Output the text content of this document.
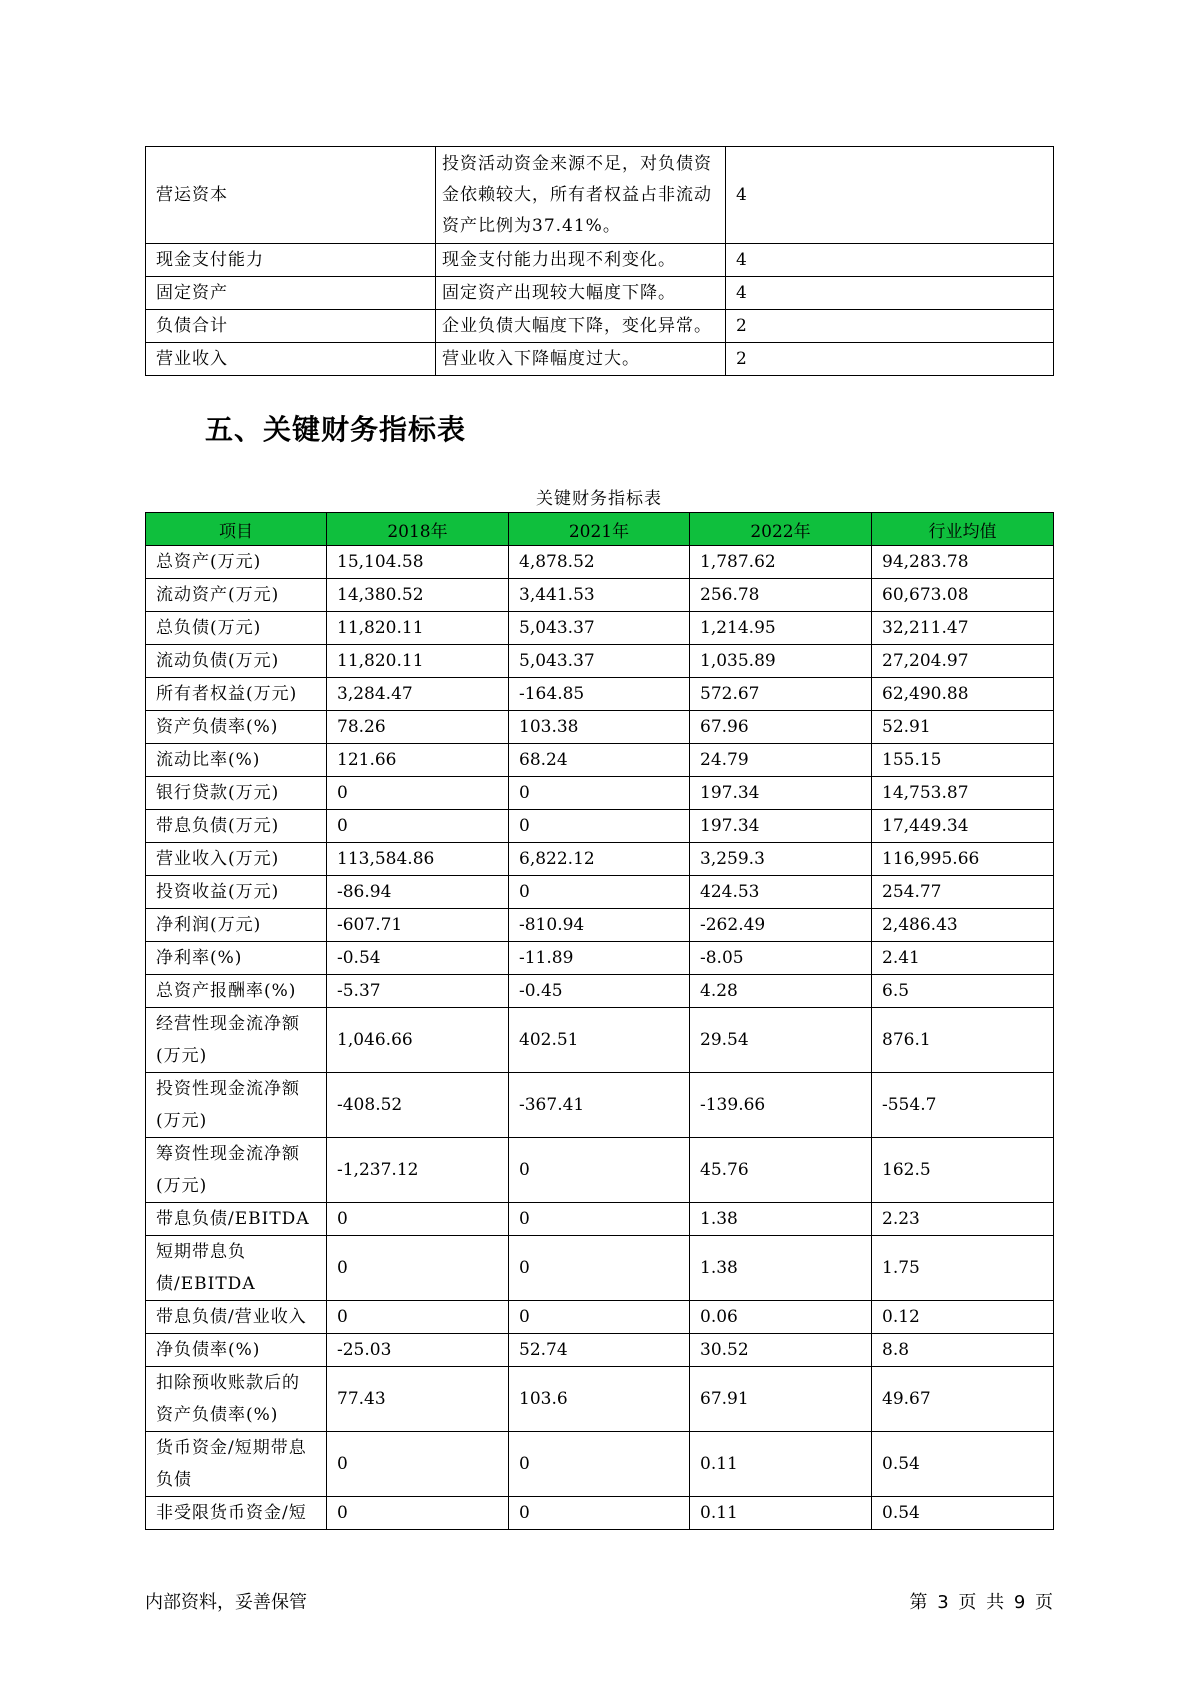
营运资本	投资活动资金来源不足，对负债资金依赖较大，所有者权益占非流动资产比例为37.41%。	4
现金支付能力	现金支付能力出现不利变化。	4
固定资产	固定资产出现较大幅度下降。	4
负债合计	企业负债大幅度下降，变化异常。	2
营业收入	营业收入下降幅度过大。	2
五、关键财务指标表
关键财务指标表
项目	2018年	2021年	2022年	行业均值
总资产(万元)	15,104.58	4,878.52	1,787.62	94,283.78
流动资产(万元)	14,380.52	3,441.53	256.78	60,673.08
总负债(万元)	11,820.11	5,043.37	1,214.95	32,211.47
流动负债(万元)	11,820.11	5,043.37	1,035.89	27,204.97
所有者权益(万元)	3,284.47	-164.85	572.67	62,490.88
资产负债率(%)	78.26	103.38	67.96	52.91
流动比率(%)	121.66	68.24	24.79	155.15
银行贷款(万元)	0	0	197.34	14,753.87
带息负债(万元)	0	0	197.34	17,449.34
营业收入(万元)	113,584.86	6,822.12	3,259.3	116,995.66
投资收益(万元)	-86.94	0	424.53	254.77
净利润(万元)	-607.71	-810.94	-262.49	2,486.43
净利率(%)	-0.54	-11.89	-8.05	2.41
总资产报酬率(%)	-5.37	-0.45	4.28	6.5
经营性现金流净额(万元)	1,046.66	402.51	29.54	876.1
投资性现金流净额(万元)	-408.52	-367.41	-139.66	-554.7
筹资性现金流净额(万元)	-1,237.12	0	45.76	162.5
带息负债/EBITDA	0	0	1.38	2.23
短期带息负债/EBITDA	0	0	1.38	1.75
带息负债/营业收入	0	0	0.06	0.12
净负债率(%)	-25.03	52.74	30.52	8.8
扣除预收账款后的资产负债率(%)	77.43	103.6	67.91	49.67
货币资金/短期带息负债	0	0	0.11	0.54
非受限货币资金/短	0	0	0.11	0.54
内部资料，妥善保管	第 3 页 共 9 页
